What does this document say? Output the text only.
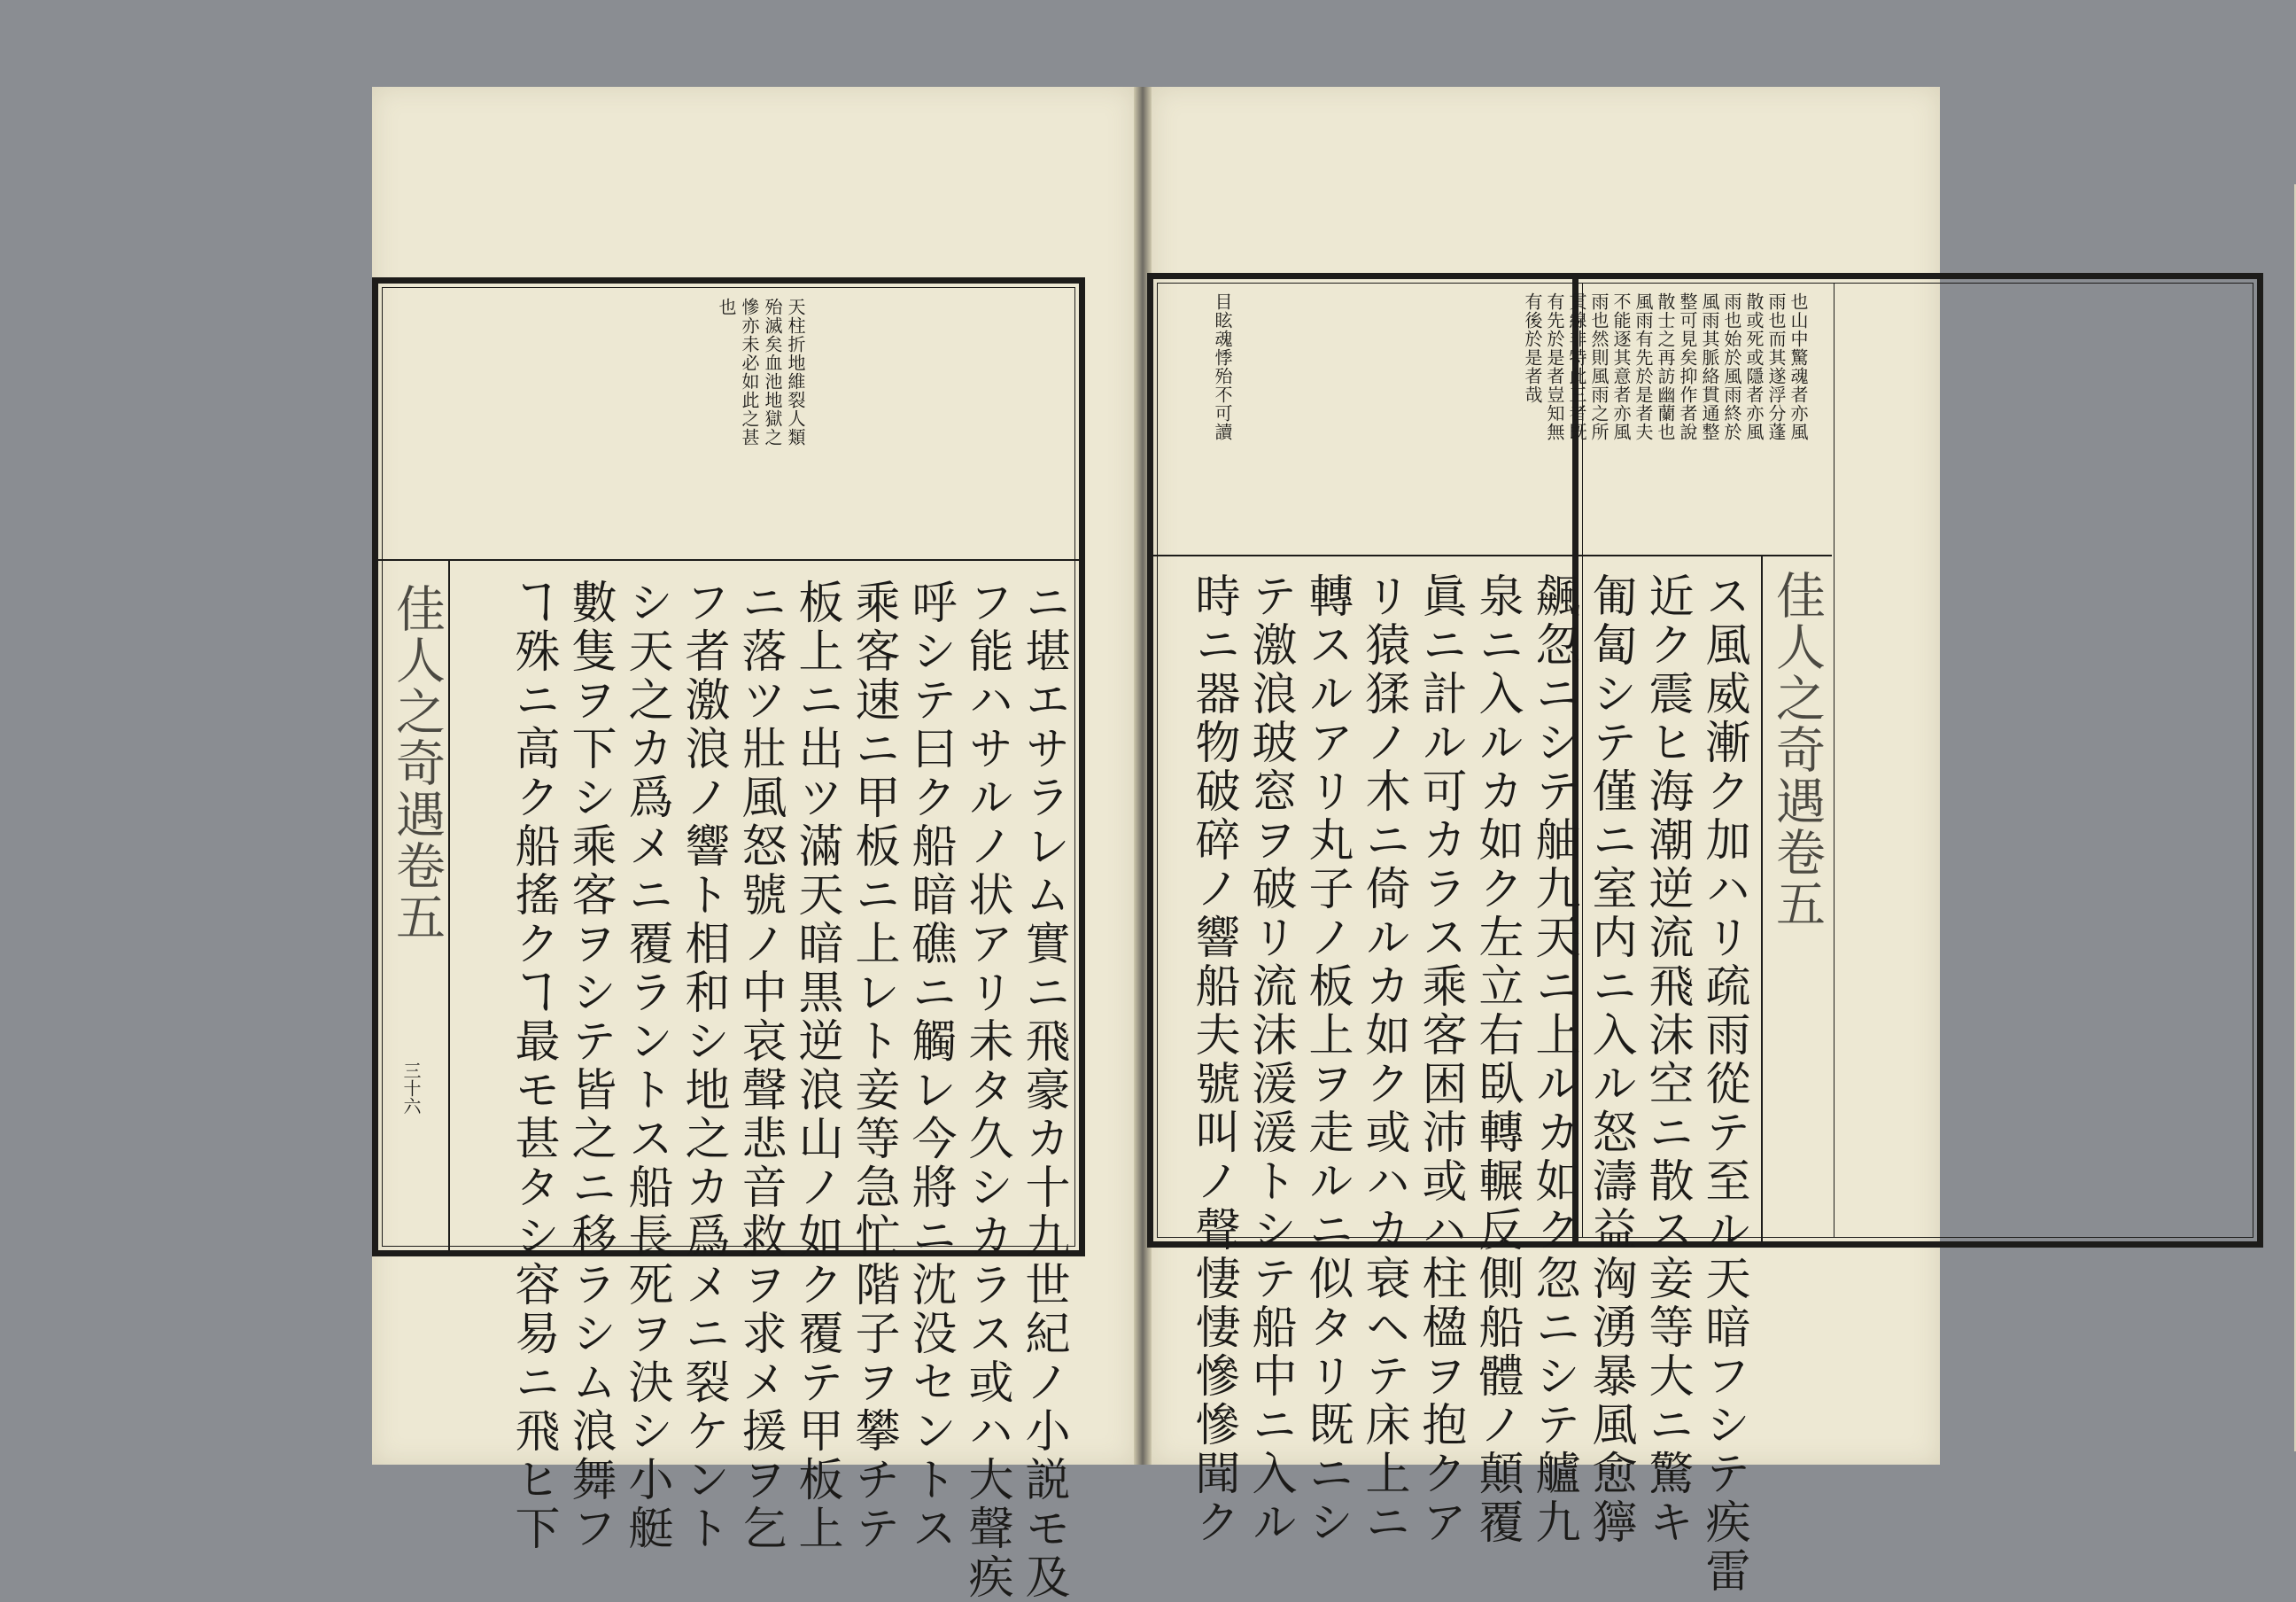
天柱折地維裂人類
殆滅矣血池地獄之
慘亦未必如此之甚
也
佳人之奇遇卷五
三十六	ニ堪エサラレム實ニ飛豪カ十九世紀ノ小説モ及
フ能ハサルノ状アリ未タ久シカラス或ハ大聲疾
呼シテ曰ク船暗礁ニ觸レ今將ニ沈没セントス
乘客速ニ甲板ニ上レト妾等急忙階子ヲ攀チテ
板上ニ出ツ滿天暗黒逆浪山ノ如ク覆テ甲板上
ニ落ツ壯風怒號ノ中哀聲悲音救ヲ求メ援ヲ乞
フ者激浪ノ響ト相和シ地之カ爲メニ裂ケント
シ天之カ爲メニ覆ラントス船長死ヲ決シ小艇
數隻ヲ下シ乘客ヲシテ皆之ニ移ラシム浪舞フ
ヿ殊ニ高ク船搖クヿ最モ甚タシ容易ニ飛ヒ下
也山中驚魂者亦風
雨也而其遂浮分蓬
散或死或隱者亦風
雨也始於風雨終於
風雨其脈絡貫通整
整可見矣抑作者說
散士之再訪幽蘭也
風雨有先於是者夫
不能逐其意者亦風
雨也然則風雨之所
貫線非特此三者既
有先於是者豈知無
有後於是者哉
目眩魂悸殆不可讀
佳人之奇遇卷五
ス風威漸ク加ハリ疏雨從テ至ル天暗フシテ疾雷
近ク震ヒ海潮逆流飛沫空ニ散ス妾等大ニ驚キ
匍匐シテ僅ニ室内ニ入ル怒濤益洶湧暴風愈獰
飆忽ニシテ舳九天ニ上ルカ如ク忽ニシテ艫九
泉ニ入ルカ如ク左立右臥轉輾反側船體ノ顛覆
眞ニ計ル可カラス乘客困沛或ハ柱楹ヲ抱クア
リ猿猱ノ木ニ倚ルカ如ク或ハカ衰ヘテ床上ニ
轉スルアリ丸子ノ板上ヲ走ルニ似タリ既ニシ
テ激浪玻窓ヲ破リ流沫湲湲トシテ船中ニ入ル
時ニ器物破碎ノ響船夫號叫ノ聲悽悽慘慘聞ク
